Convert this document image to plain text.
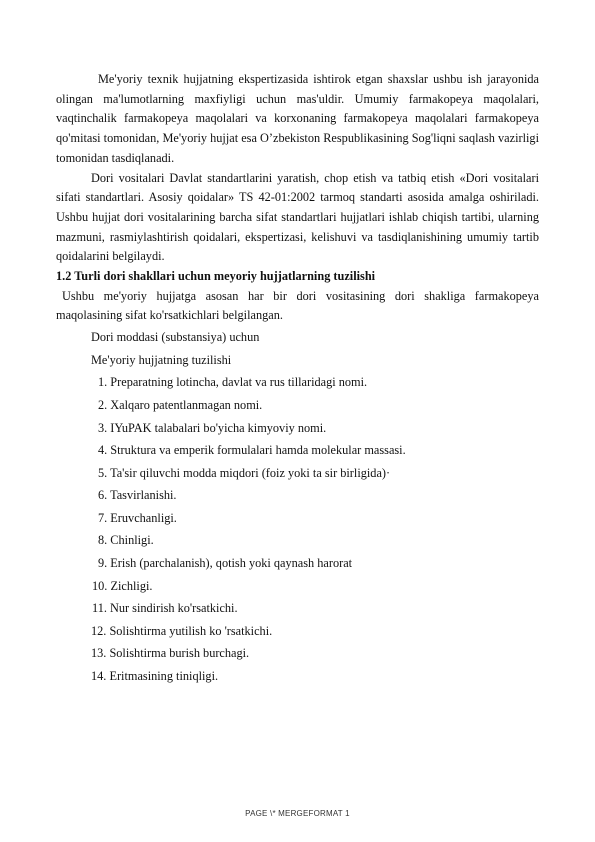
Me'yoriy texnik hujjatning ekspertizasida ishtirok etgan shaxslar ushbu ish jarayonida olingan ma'lumotlarning maxfiyligi uchun mas'uldir. Umumiy farmakopeya maqolalari, vaqtinchalik farmakopeya maqolalari va korxonaning farmakopeya maqolalari farmakopeya qo'mitasi tomonidan, Me'yoriy hujjat esa O’zbekiston Respublikasining Sog'liqni saqlash vazirligi tomonidan tasdiqlanadi.

Dori vositalari Davlat standartlarini yaratish, chop etish va tatbiq etish «Dori vositalari sifati standartlari. Asosiy qoidalar» TS 42-01:2002 tarmoq standarti asosida amalga oshiriladi. Ushbu hujjat dori vositalarining barcha sifat standartlari hujjatlari ishlab chiqish tartibi, ularning mazmuni, rasmiylashtirish qoidalari, ekspertizasi, kelishuvi va tasdiqlanishining umumiy tartib qoidalarini belgilaydi.

1.2 Turli dori shakllari uchun meyoriy hujjatlarning tuzilishi

Ushbu me'yoriy hujjatga asosan har bir dori vositasining dori shakliga farmakopeya maqolasining sifat ko'rsatkichlari belgilangan.

Dori moddasi (substansiya) uchun

Me'yoriy hujjatning tuzilishi

1. Preparatning lotincha, davlat va rus tillaridagi nomi.

2. Xalqaro patentlanmagan nomi.

3. IYuPAK talabalari bo'yicha kimyoviy nomi.

4. Struktura va emperik formulalari hamda molekular massasi.

5. Ta'sir qiluvchi modda miqdori (foiz yoki ta sir birligida)·

6. Tasvirlanishi.

7. Eruvchanligi.

8. Chinligi.

9. Erish (parchalanish), qotish yoki qaynash harorat

10. Zichligi.

11. Nur sindirish ko'rsatkichi.

12. Solishtirma yutilish ko 'rsatkichi.

13. Solishtirma burish burchagi.

14. Eritmasining tiniqligi.

PAGE \* MERGEFORMAT 1
